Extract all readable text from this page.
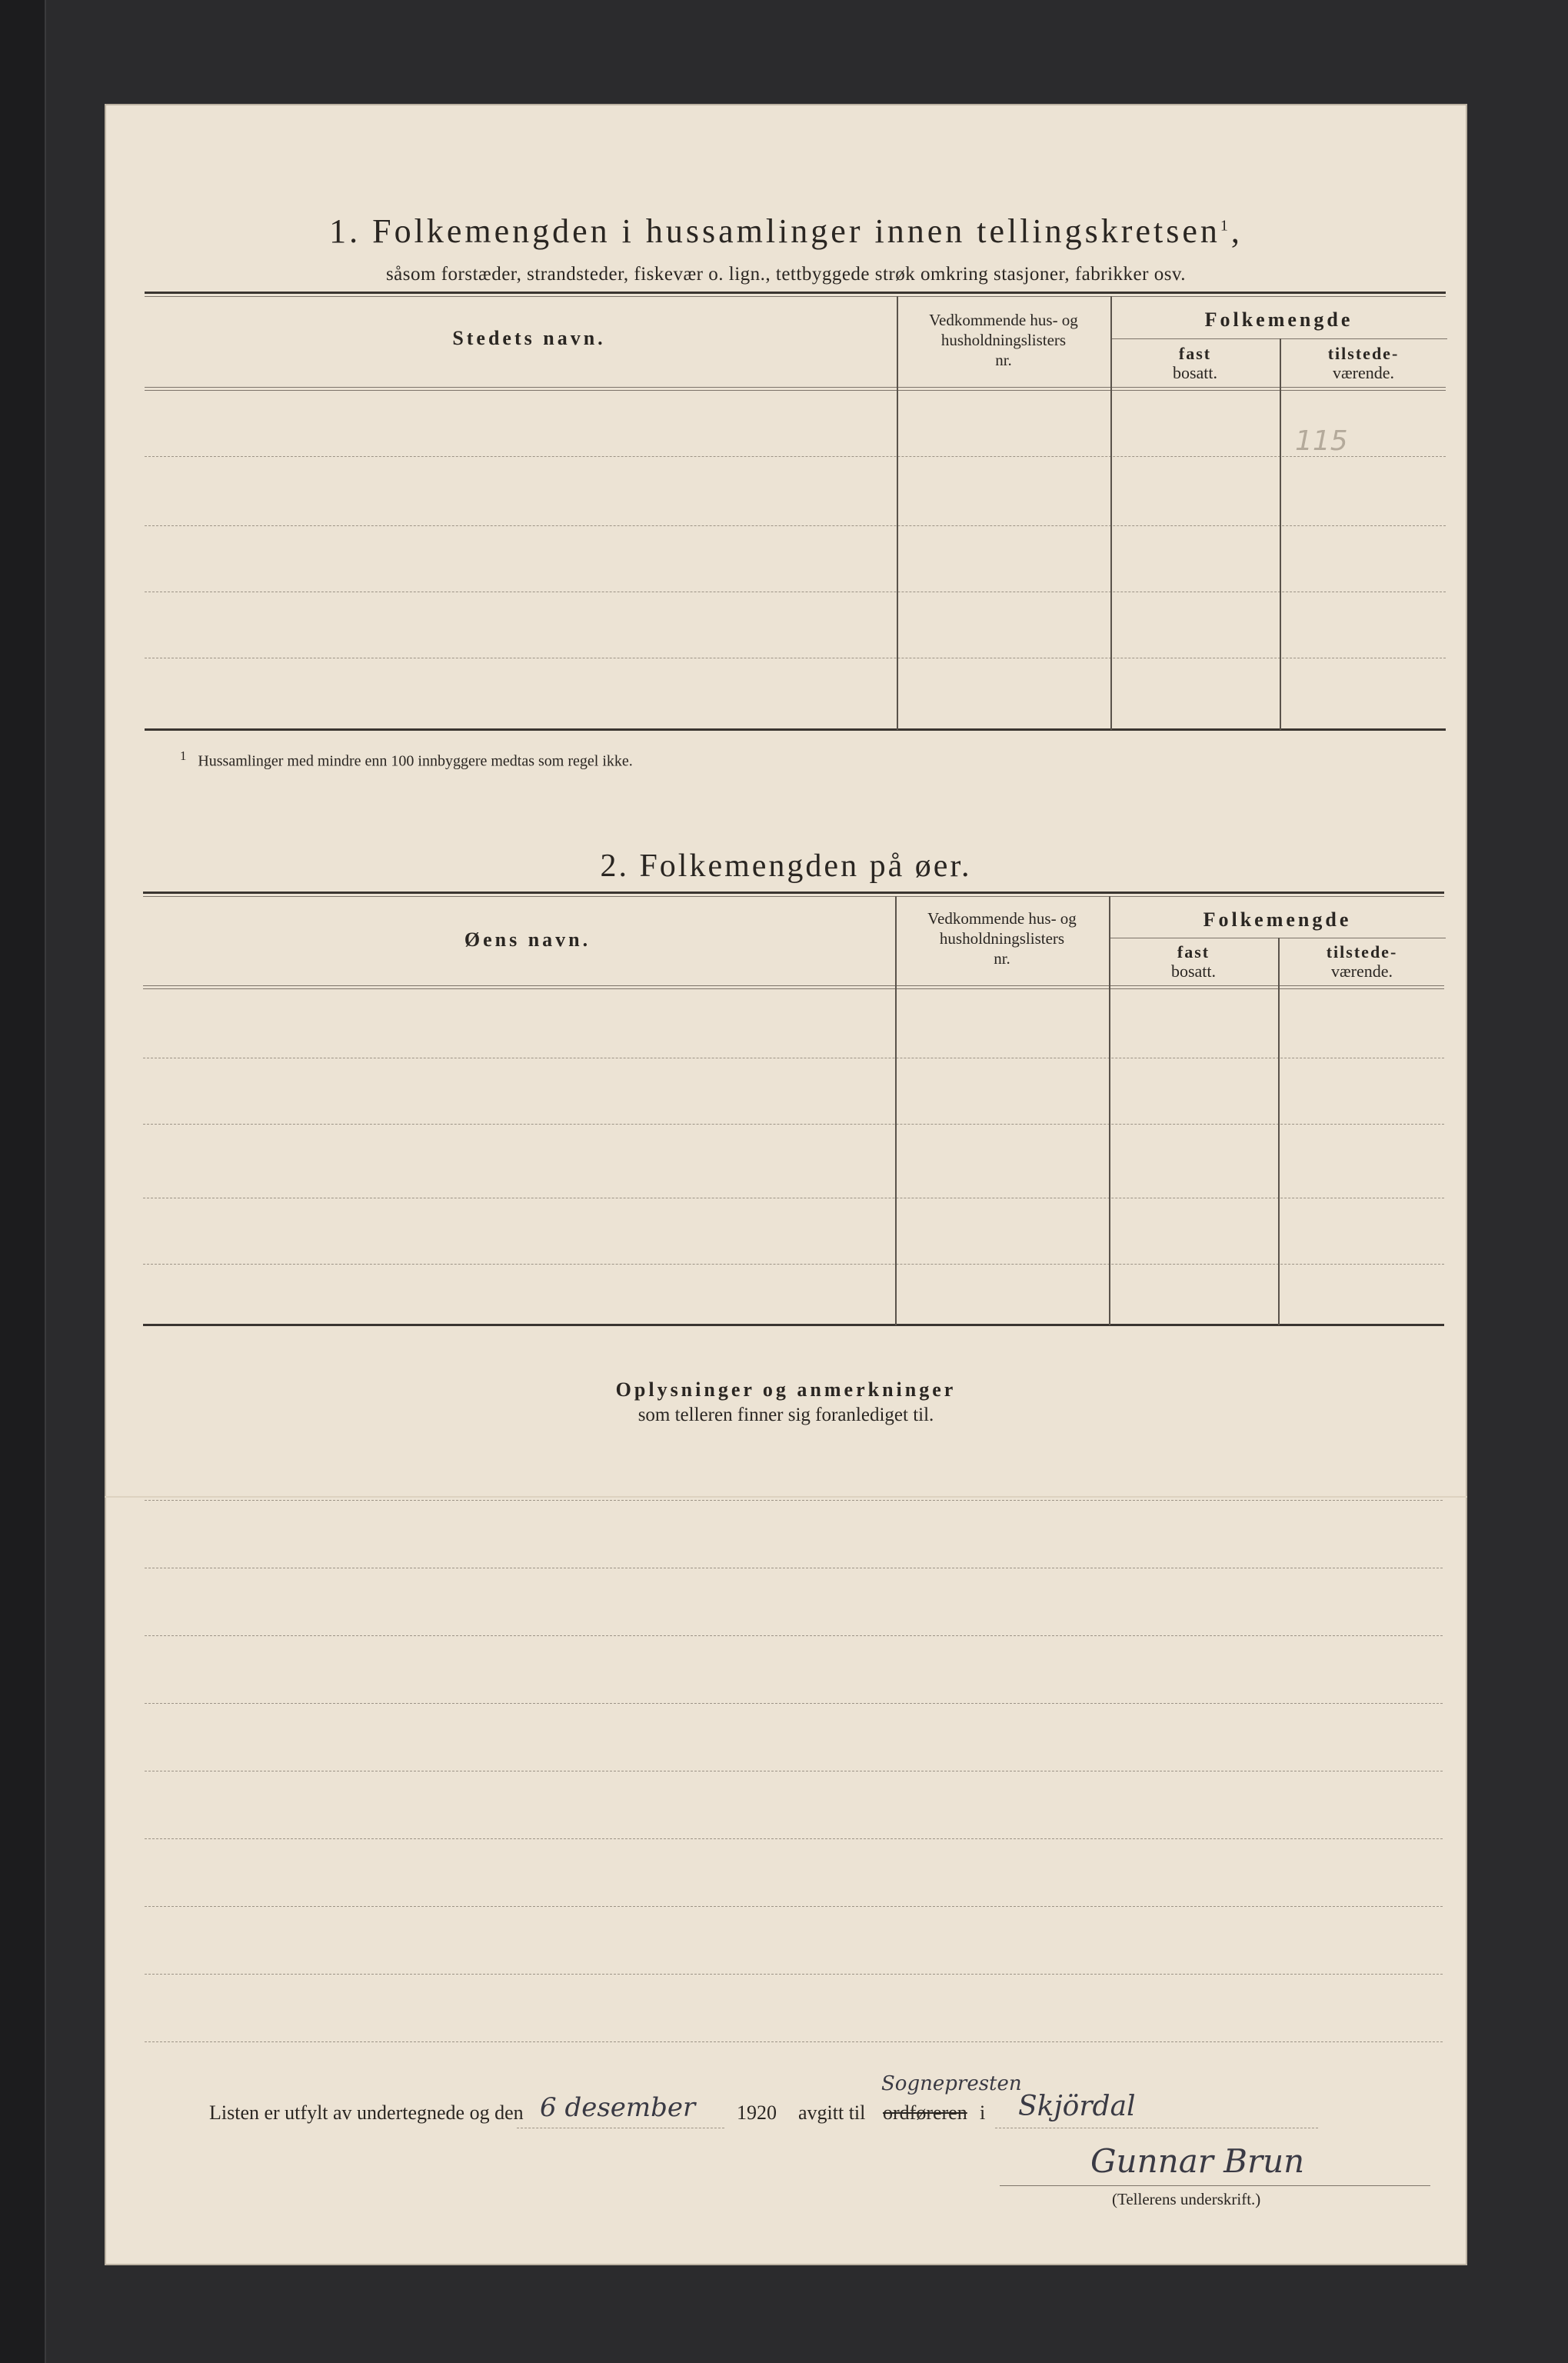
1. Folkemengden i hussamlinger innen tellingskretsen$^1$,
såsom forstæder, strandsteder, fiskevær o. lign., tettbyggede strøk omkring stasjoner, fabrikker osv.
Stedets navn.
Vedkommende hus- og
husholdningslisters
nr.
Folkemengde
fast
bosatt.
tilstede-
værende.
115
$^1$ Hussamlinger med mindre enn 100 innbyggere medtas som regel ikke.
2. Folkemengden på øer.
Øens navn.
Vedkommende hus- og
husholdningslisters
nr.
Folkemengde
fast
bosatt.
tilstede-
værende.
Oplysninger og anmerkninger
som telleren finner sig foranlediget til.
Listen er utfylt av undertegnede og den 6 desember 1920 avgitt til
Sognepresten
ordføreren i Skjördal
Gunnar Brun
(Tellerens underskrift.)
